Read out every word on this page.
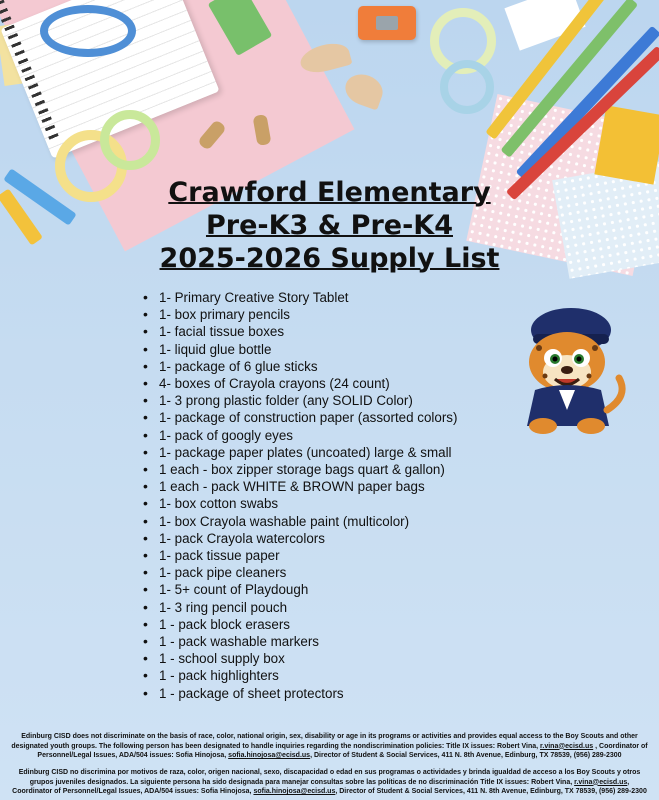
Crawford Elementary
Pre-K3 & Pre-K4
2025-2026 Supply List
• 1- Primary Creative Story Tablet
• 1- box primary pencils
• 1- facial tissue boxes
• 1- liquid glue bottle
• 1- package of 6 glue sticks
• 4- boxes of Crayola crayons (24 count)
• 1- 3 prong plastic folder (any SOLID Color)
• 1- package of construction paper (assorted colors)
• 1- pack of googly eyes
• 1- package paper plates (uncoated) large & small
• 1 each - box zipper storage bags quart & gallon)
• 1 each - pack WHITE & BROWN paper bags
• 1- box cotton swabs
• 1- box Crayola washable paint (multicolor)
• 1- pack Crayola watercolors
• 1- pack tissue paper
• 1- pack pipe cleaners
• 1- 5+ count of Playdough
• 1- 3 ring pencil pouch
• 1 - pack block erasers
• 1 - pack washable markers
• 1 - school supply box
• 1 - pack highlighters
• 1 - package of sheet protectors
Edinburg CISD does not discriminate on the basis of race, color, national origin, sex, disability or age in its programs or activities and provides equal access to the Boy Scouts and other designated youth groups. The following person has been designated to handle inquiries regarding the nondiscrimination policies: Title IX issues: Robert Vina, r.vina@ecisd.us , Coordinator of Personnel/Legal Issues, ADA/504 issues: Sofia Hinojosa, sofia.hinojosa@ecisd.us, Director of Student & Social Services, 411 N. 8th Avenue, Edinburg, TX 78539, (956) 289-2300
Edinburg CISD no discrimina por motivos de raza, color, origen nacional, sexo, discapacidad o edad en sus programas o actividades y brinda igualdad de acceso a los Boy Scouts y otros grupos juveniles designados. La siguiente persona ha sido designada para manejar consultas sobre las políticas de no discriminación Title IX issues: Robert Vina, r.vina@ecisd.us, Coordinator of Personnel/Legal Issues, ADA/504 issues: Sofia Hinojosa, sofia.hinojosa@ecisd.us, Director of Student & Social Services, 411 N. 8th Avenue, Edinburg, TX 78539, (956) 289-2300
